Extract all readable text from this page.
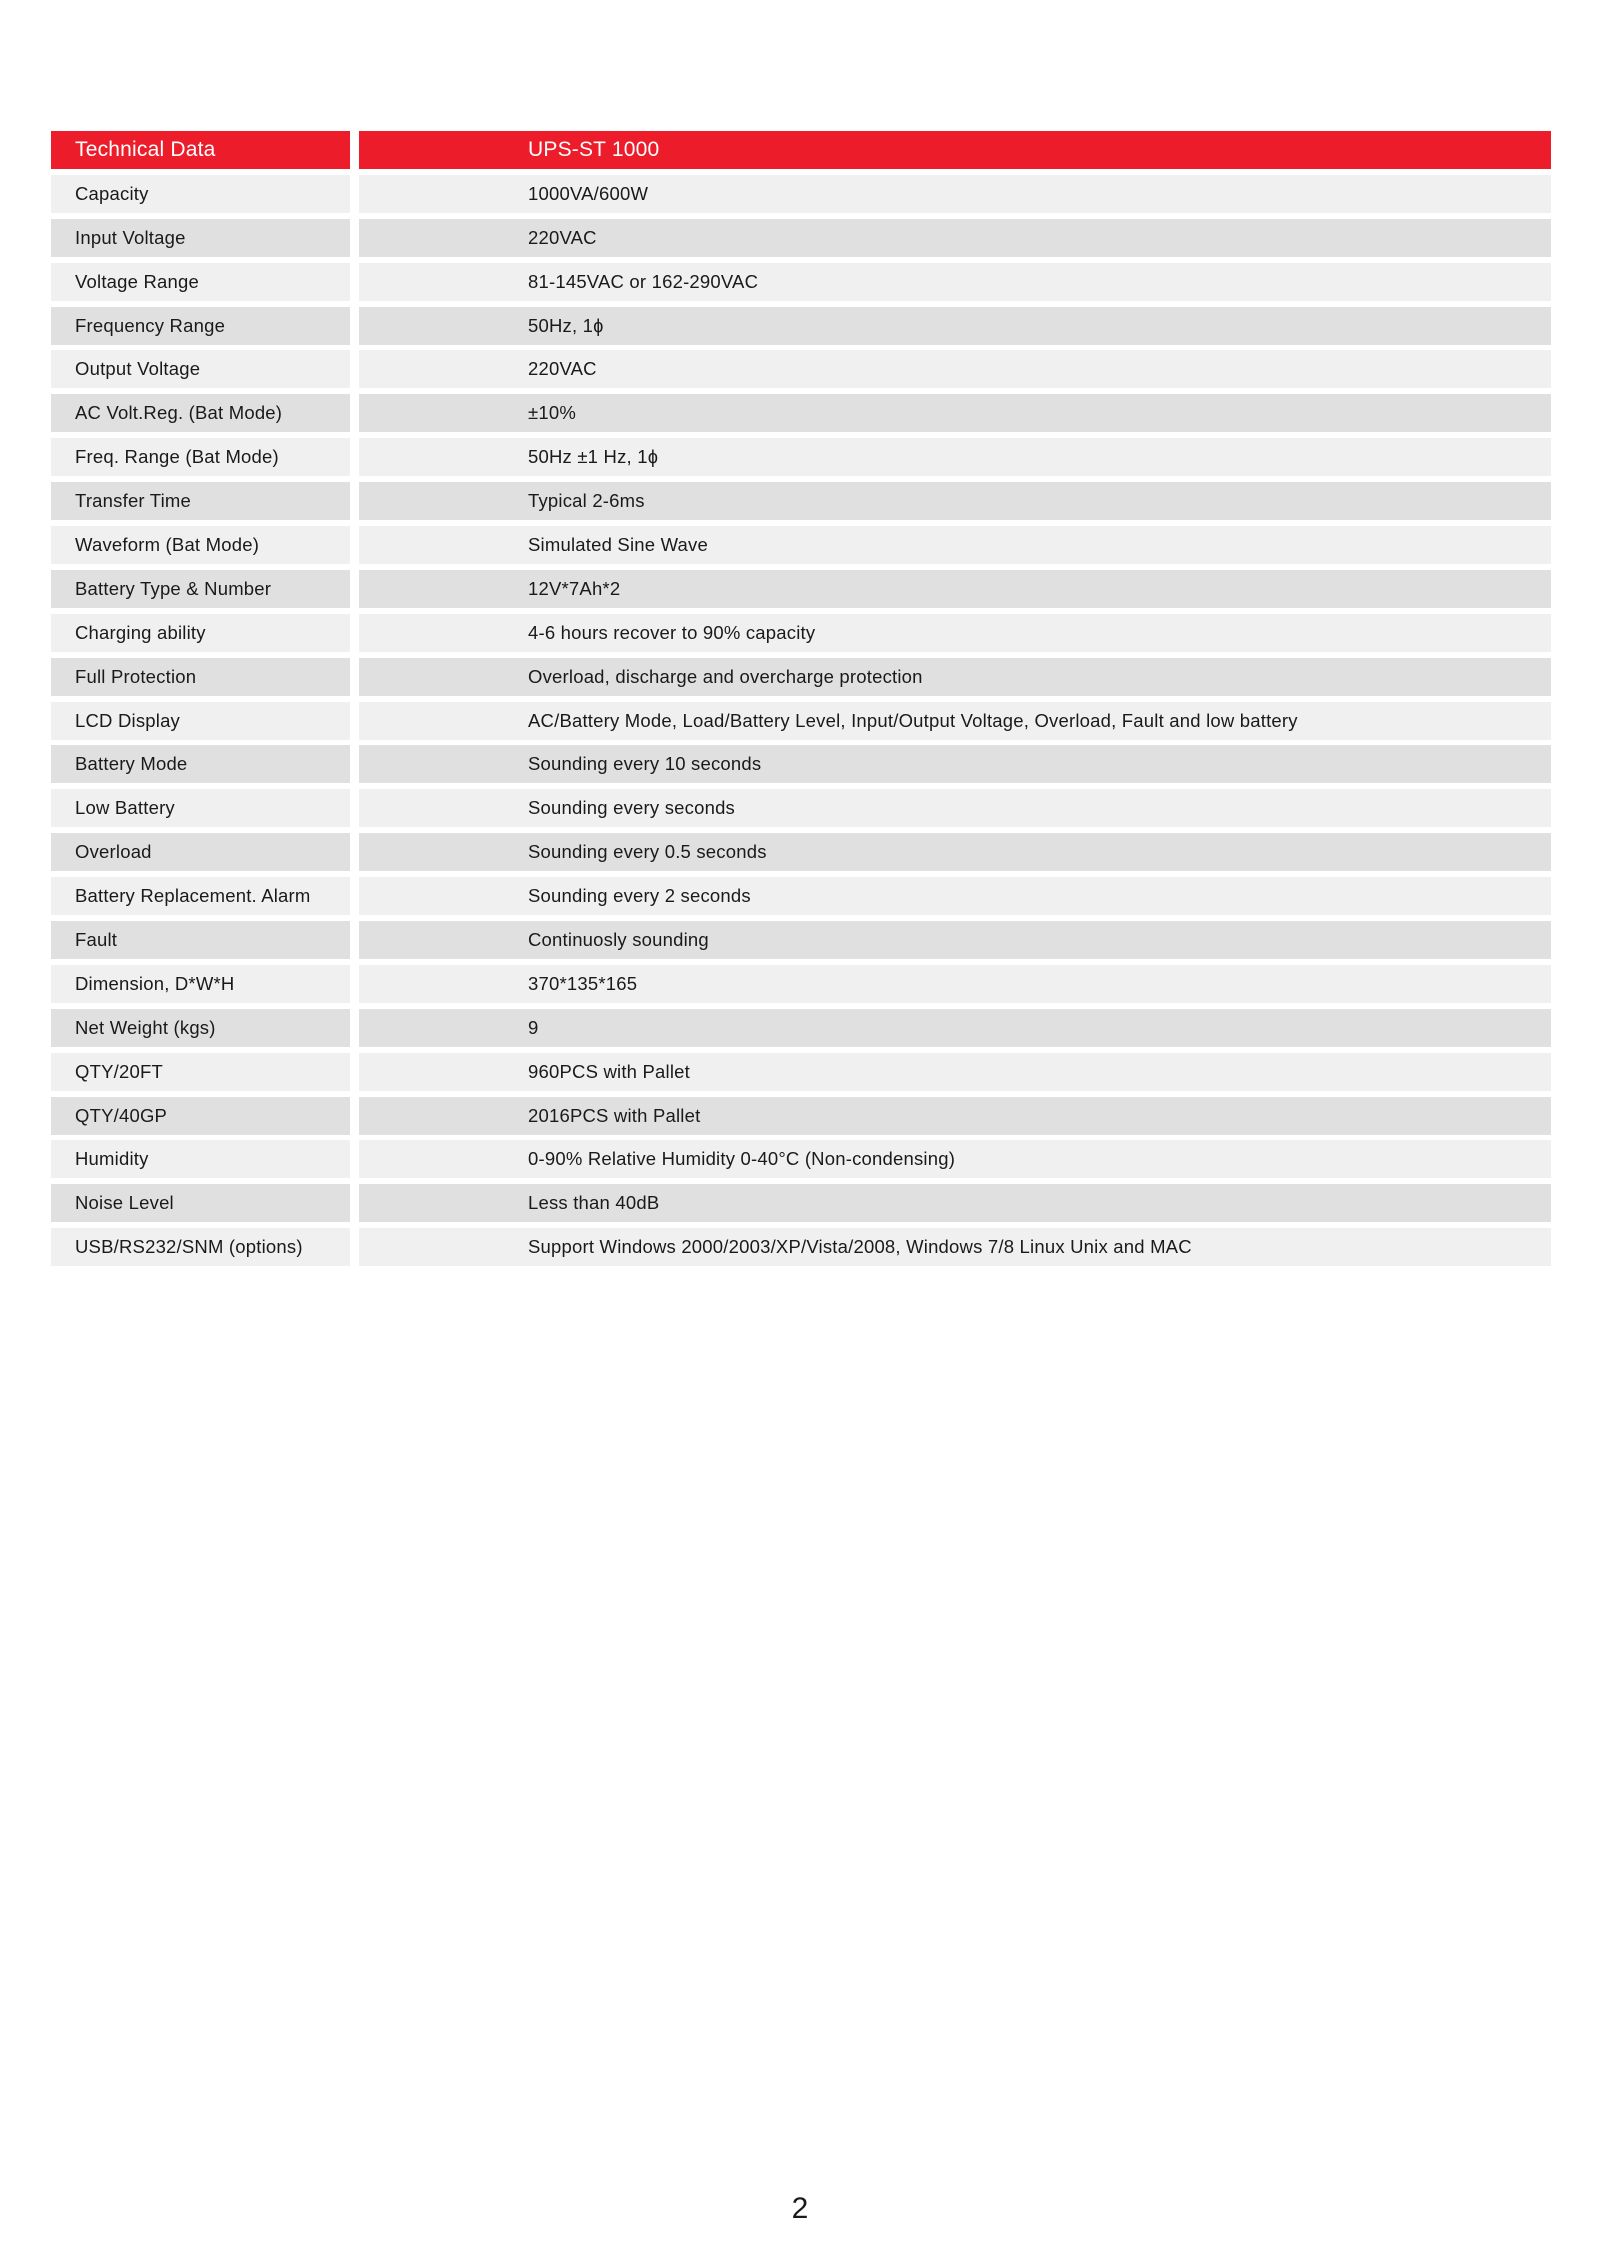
Technical Data	UPS-ST 1000
Capacity	1000VA/600W
Input Voltage	220VAC
Voltage Range	81-145VAC or 162-290VAC
Frequency Range	50Hz, 1ɸ
Output Voltage	220VAC
AC Volt.Reg. (Bat Mode)	±10%
Freq. Range (Bat Mode)	50Hz ±1 Hz, 1ɸ
Transfer Time	Typical 2-6ms
Waveform (Bat Mode)	Simulated Sine Wave
Battery Type & Number	12V*7Ah*2
Charging ability	4-6 hours recover to 90% capacity
Full Protection	Overload, discharge and overcharge protection
LCD Display	AC/Battery Mode, Load/Battery Level, Input/Output Voltage, Overload, Fault and low battery
Battery Mode	Sounding every 10 seconds
Low Battery	Sounding every seconds
Overload	Sounding every 0.5 seconds
Battery Replacement. Alarm	Sounding every 2 seconds
Fault	Continuosly sounding
Dimension, D*W*H	370*135*165
Net Weight (kgs)	9
QTY/20FT	960PCS with Pallet
QTY/40GP	2016PCS with Pallet
Humidity	0-90% Relative Humidity 0-40°C (Non-condensing)
Noise Level	Less than 40dB
USB/RS232/SNM (options)	Support Windows 2000/2003/XP/Vista/2008, Windows 7/8 Linux Unix and MAC
2
